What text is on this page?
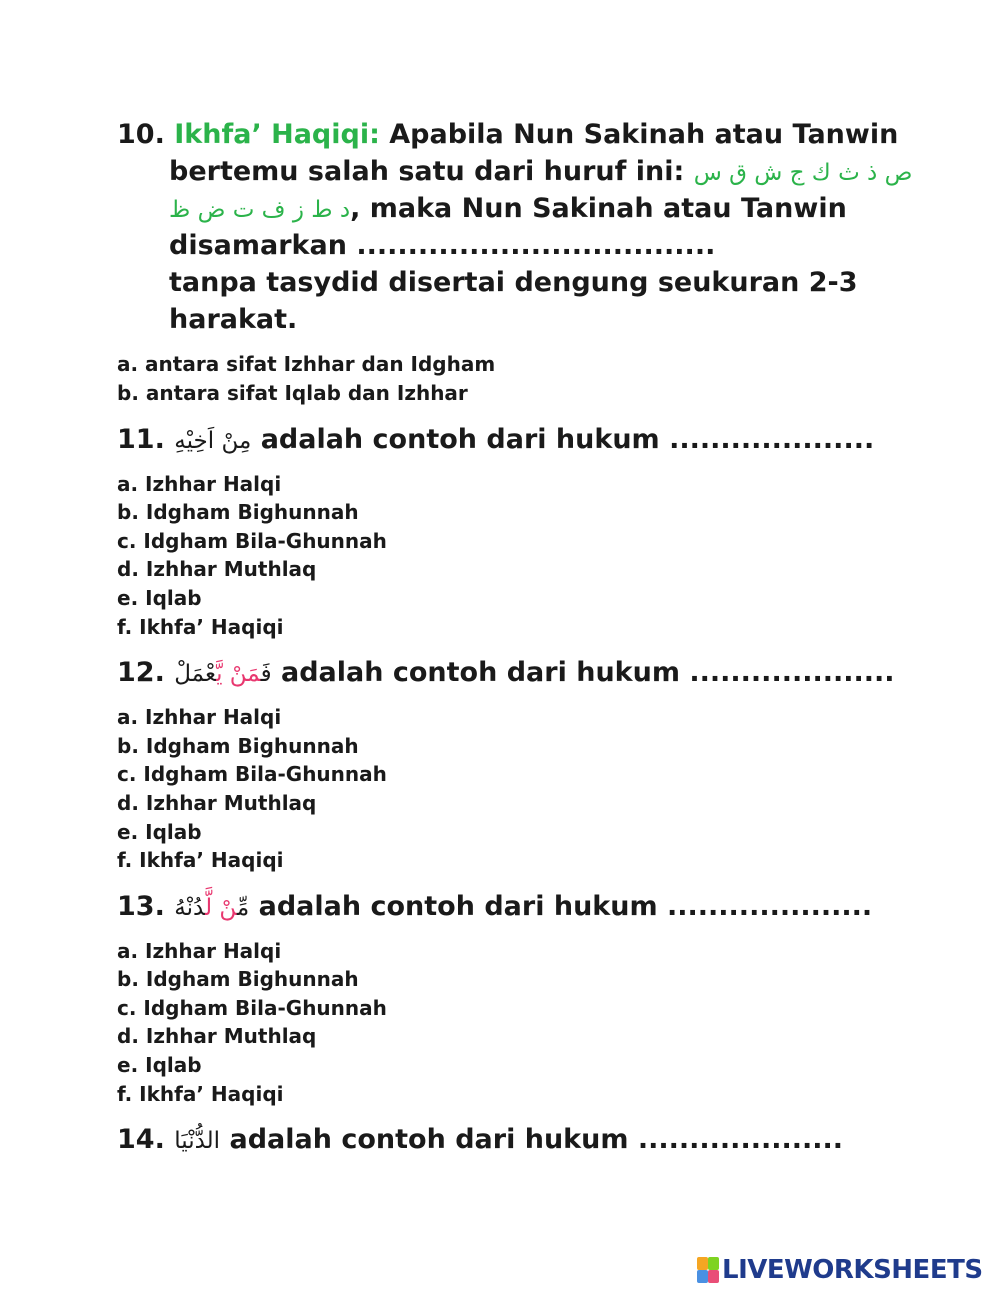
10. Ikhfa’ Haqiqi: Apabila Nun Sakinah atau Tanwin
bertemu salah satu dari huruf ini: ص ذ ث ك ج ش ق س
د ط ز ف ت ض ظ, maka Nun Sakinah atau Tanwin
disamarkan ...................................
tanpa tasydid disertai dengung seukuran 2-3
harakat.
a. antara sifat Izhhar dan Idgham
b. antara sifat Iqlab dan Izhhar
11. مِنْ اَخِيْهِ adalah contoh dari hukum ....................
a. Izhhar Halqi
b. Idgham Bighunnah
c. Idgham Bila-Ghunnah
d. Izhhar Muthlaq
e. Iqlab
f. Ikhfa’ Haqiqi
12.	فَمَنْ يَّعْمَلْ adalah contoh dari hukum ....................
a. Izhhar Halqi
b. Idgham Bighunnah
c. Idgham Bila-Ghunnah
d. Izhhar Muthlaq
e. Iqlab
f. Ikhfa’ Haqiqi
13.	مِّنْ لَّدُنْهُ adalah contoh dari hukum ....................
a. Izhhar Halqi
b. Idgham Bighunnah
c. Idgham Bila-Ghunnah
d. Izhhar Muthlaq
e. Iqlab
f. Ikhfa’ Haqiqi
14. الدُّنْيَا adalah contoh dari hukum ....................
LIVEWORKSHEETS
